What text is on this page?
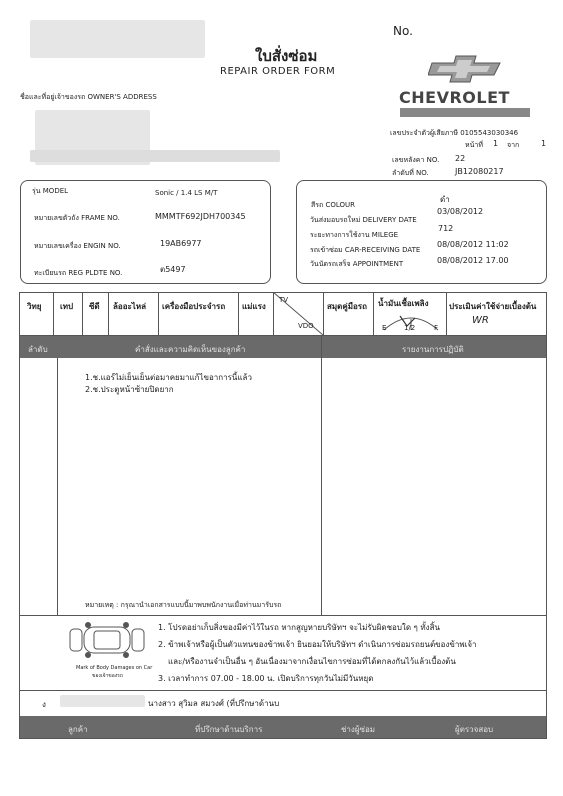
No.
ใบสั่งซ่อม
REPAIR ORDER FORM
ชื่อและที่อยู่เจ้าของรถ OWNER'S ADDRESS	CHEVROLET
เลขประจำตัวผู้เสียภาษี 0105543030346
หน้าที่ 1 จาก	1
เลขหลังคา NO. 22
ลำดับที่ NO.	JB12080217
รุ่น MODEL	Sonic / 1.4 LS M/T
หมายเลขตัวถัง FRAME NO.	MMMTF692JDH700345
หมายเลขเครื่อง ENGIN NO.	19AB6977
ทะเบียนรถ REG PLDTE NO.	ต5497
สีรถ COLOUR
ดำ
วันส่งมอบรถใหม่ DELIVERY DATE
03/08/2012
ระยะทางการใช้งาน MILEGE
712
รถเข้าซ่อม CAR-RECEIVING DATE
08/08/2012 11:02
วันนัดรถเสร็จ APPOINTMENT	08/08/2012 17.00
วิทยุ เทป ซีดี ล้ออะไหล่ เครื่องมือประจำรถ แม่แรง
TV
VDO
สมุดคู่มือรถ น้ำมันเชื้อเพลิง
E	1/2	F
ประเมินค่าใช้จ่ายเบื้องต้น
WR
ลำดับ	คำสั่งและความคิดเห็นของลูกค้า	รายงานการปฏิบัติ
1.ช.แอร์ไม่เย็นเย็นต่อมาคยมาแก้ไขอาการนี้แล้ว
2.ช.ประตูหน้าซ้ายปิดยาก
หมายเหตุ : กรุณานำเอกสารแบบนี้มาพบพนักงานเมื่อท่านมารับรถ
Mark of Body Damages on Car
ของเจ้าของรถ
1. โปรดอย่าเก็บสิ่งของมีค่าไว้ในรถ หากสูญหายบริษัทฯ จะไม่รับผิดชอบใด ๆ ทั้งสิ้น
2. ข้าพเจ้าหรือผู้เป็นตัวแทนของข้าพเจ้า ยินยอมให้บริษัทฯ ดำเนินการซ่อมรถยนต์ของข้าพเจ้า
และ/หรืองานจำเป็นอื่น ๆ อันเนื่องมาจากเงื่อนไขการซ่อมที่ได้ตกลงกันไว้แล้วเบื้องต้น
3. เวลาทำการ 07.00 - 18.00 น. เปิดบริการทุกวันไม่มีวันหยุด
ง	นางสาว สุวิมล สมวงศ์ (ที่ปรึกษาด้านบ
ลูกค้า	ที่ปรึกษาด้านบริการ	ช่างผู้ซ่อม	ผู้ตรวจสอบ
